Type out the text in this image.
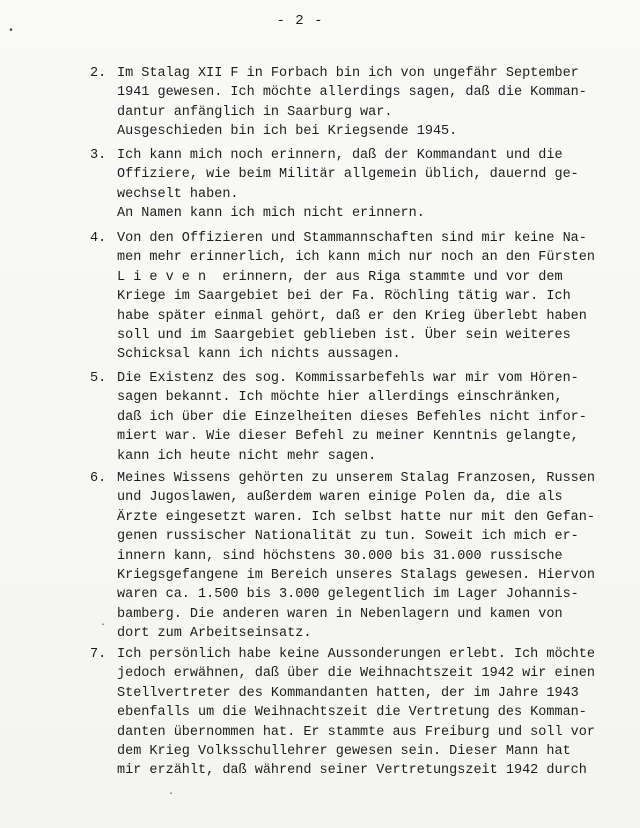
- 2 -
•
·
·
2. Im Stalag XII F in Forbach bin ich von ungefähr September
1941 gewesen. Ich möchte allerdings sagen, daß die Komman-
dantur anfänglich in Saarburg war.
Ausgeschieden bin ich bei Kriegsende 1945.
3. Ich kann mich noch erinnern, daß der Kommandant und die
Offiziere, wie beim Militär allgemein üblich, dauernd ge-
wechselt haben.
An Namen kann ich mich nicht erinnern.
4. Von den Offizieren und Stammannschaften sind mir keine Na-
men mehr erinnerlich, ich kann mich nur noch an den Fürsten
L i e v e n  erinnern, der aus Riga stammte und vor dem
Kriege im Saargebiet bei der Fa. Röchling tätig war. Ich
habe später einmal gehört, daß er den Krieg überlebt haben
soll und im Saargebiet geblieben ist. Über sein weiteres
Schicksal kann ich nichts aussagen.
5. Die Existenz des sog. Kommissarbefehls war mir vom Hören-
sagen bekannt. Ich möchte hier allerdings einschränken,
daß ich über die Einzelheiten dieses Befehles nicht infor-
miert war. Wie dieser Befehl zu meiner Kenntnis gelangte,
kann ich heute nicht mehr sagen.
6. Meines Wissens gehörten zu unserem Stalag Franzosen, Russen
und Jugoslawen, außerdem waren einige Polen da, die als
Ärzte eingesetzt waren. Ich selbst hatte nur mit den Gefan-
genen russischer Nationalität zu tun. Soweit ich mich er-
innern kann, sind höchstens 30.000 bis 31.000 russische
Kriegsgefangene im Bereich unseres Stalags gewesen. Hiervon
waren ca. 1.500 bis 3.000 gelegentlich im Lager Johannis-
bamberg. Die anderen waren in Nebenlagern und kamen von
dort zum Arbeitseinsatz.
7. Ich persönlich habe keine Aussonderungen erlebt. Ich möchte
jedoch erwähnen, daß über die Weihnachtszeit 1942 wir einen
Stellvertreter des Kommandanten hatten, der im Jahre 1943
ebenfalls um die Weihnachtszeit die Vertretung des Komman-
danten übernommen hat. Er stammte aus Freiburg und soll vor
dem Krieg Volksschullehrer gewesen sein. Dieser Mann hat
mir erzählt, daß während seiner Vertretungszeit 1942 durch
